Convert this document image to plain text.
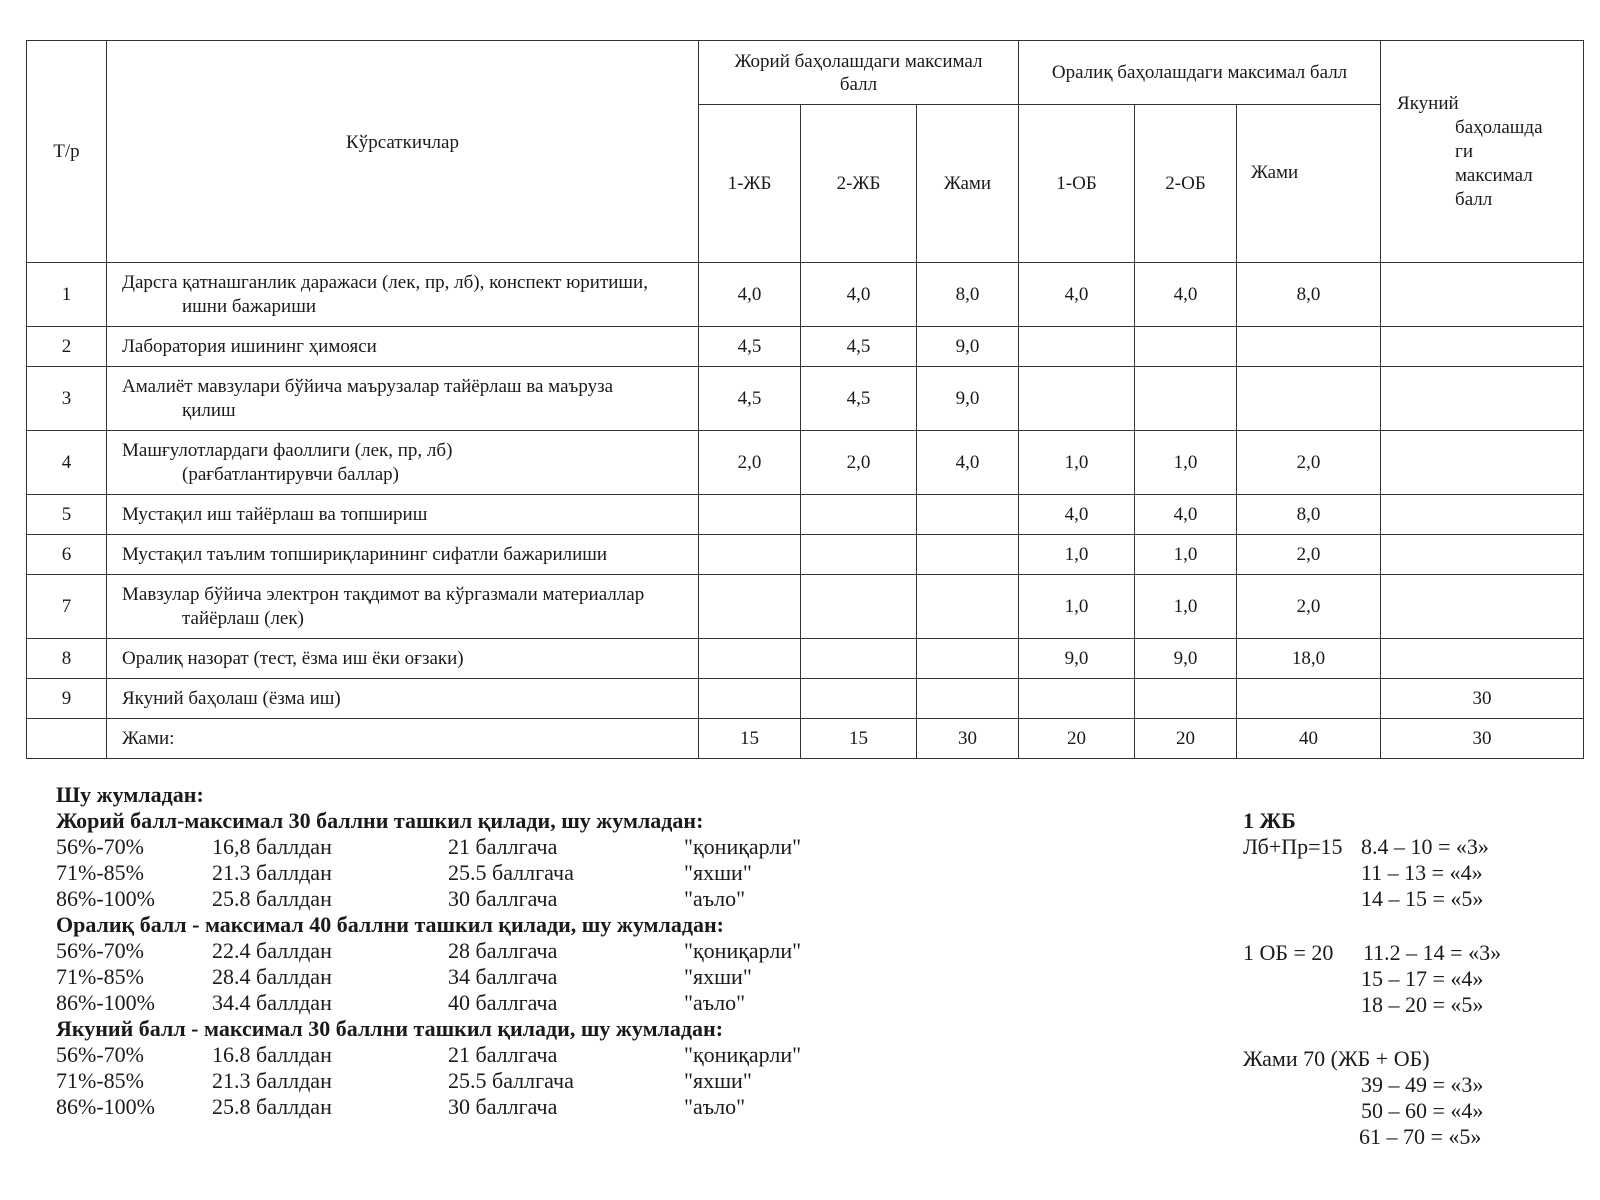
Т/р	Кўрсаткичлар	Жорий баҳолашдаги максимал балл			Оралиқ баҳолашдаги максимал балл			Якуний
баҳолашда
ги
максимал
балл

		1-ЖБ	2-ЖБ	Жами	1-ОБ	2-ОБ	Жами	
1	Дарсга қатнашганлик даражаси (лек, пр, лб), конспект юритиши,
ишни бажариши	4,0	4,0	8,0	4,0	4,0	8,0	
2	Лаборатория ишининг ҳимояси	4,5	4,5	9,0				
3	Амалиёт мавзулари бўйича маърузалар тайёрлаш ва маъруза
қилиш	4,5	4,5	9,0				
4	Машғулотлардаги фаоллиги (лек, пр, лб)
(рағбатлантирувчи баллар)	2,0	2,0	4,0	1,0	1,0	2,0	
5	Мустақил иш тайёрлаш ва топшириш				4,0	4,0	8,0	
6	Мустақил таълим топшириқларининг сифатли бажарилиши				1,0	1,0	2,0	
7	Мавзулар бўйича электрон тақдимот ва кўргазмали материаллар
тайёрлаш (лек)				1,0	1,0	2,0	
8	Оралиқ назорат (тест, ёзма иш ёки оғзаки)				9,0	9,0	18,0	
9	Якуний баҳолаш (ёзма иш)							30
	Жами:	15	15	30	20	20	40	30
Шу жумладан:
Жорий балл-максимал 30 баллни ташкил қилади, шу жумладан:
56%-70%	16,8 баллдан	21 баллгача	"қониқарли"
71%-85%	21.3 баллдан	25.5 баллгача	"яхши"
86%-100%	25.8 баллдан	30 баллгача	"аъло"
Оралиқ балл - максимал 40 баллни ташкил қилади, шу жумладан:
56%-70%	22.4 баллдан	28 баллгача	"қониқарли"
71%-85%	28.4 баллдан	34 баллгача	"яхши"
86%-100%	34.4 баллдан	40 баллгача	"аъло"
Якуний балл - максимал 30 баллни ташкил қилади, шу жумладан:
56%-70%	16.8 баллдан	21 баллгача	"қониқарли"
71%-85%	21.3 баллдан	25.5 баллгача	"яхши"
86%-100%	25.8 баллдан	30 баллгача	"аъло"
1 ЖБ
Лб+Пр=15 8.4 – 10 = «3»
11 – 13 = «4»
14 – 15 = «5»
1 ОБ = 20 11.2 – 14 = «3»
15 – 17 = «4»
18 – 20 = «5»
Жами 70 (ЖБ + ОБ)
39 – 49 = «3»
50 – 60 = «4»
61 – 70 = «5»
